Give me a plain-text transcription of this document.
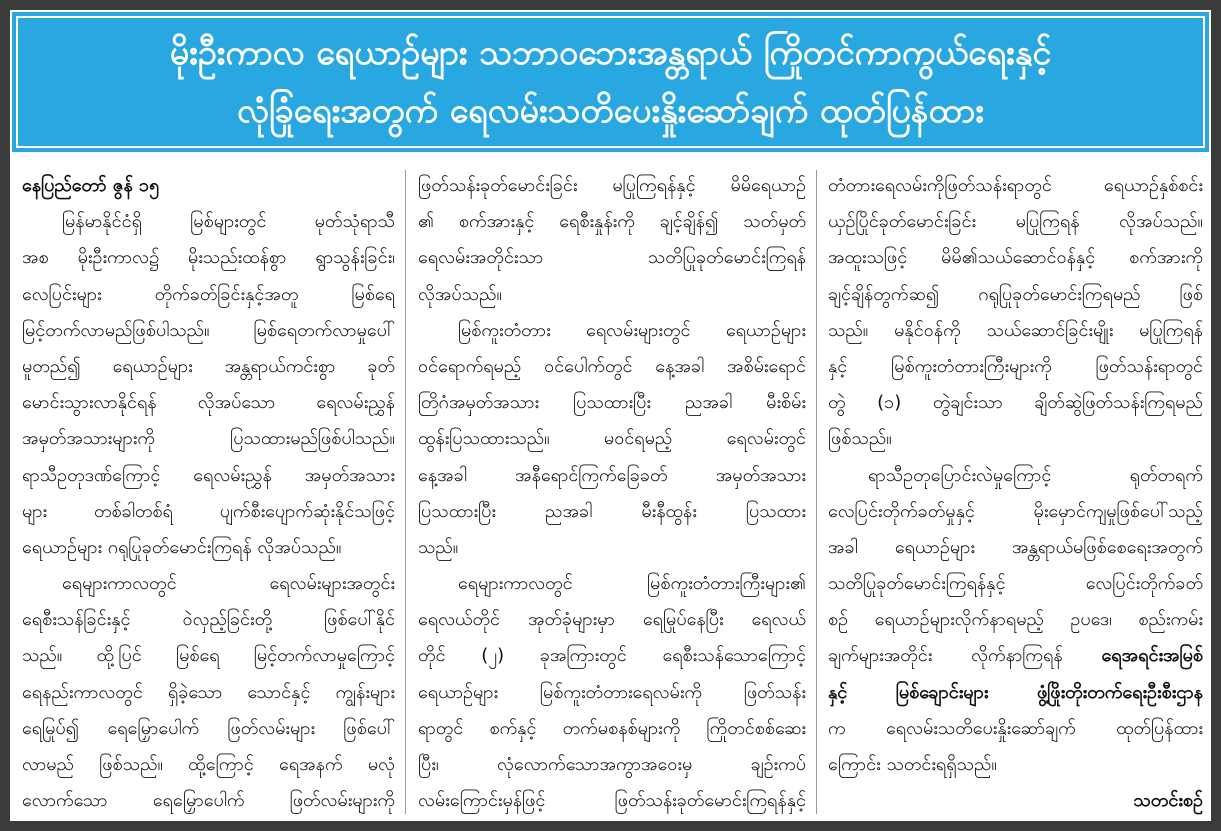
မိုးဦးကာလ ရေယာဉ်များ သဘာဝဘေးအန္တရာယ် ကြိုတင်ကာကွယ်ရေးနှင့်
လုံခြုံရေးအတွက် ရေလမ်းသတိပေးနှိုးဆော်ချက် ထုတ်ပြန်ထား
နေပြည်တော် ဇွန် ၁၅
မြန်မာနိုင်ငံရှိ မြစ်များတွင် မုတ်သုံရာသီ
အစ မိုးဦးကာလ၌ မိုးသည်းထန်စွာ ရွာသွန်းခြင်း၊
လေပြင်းများ တိုက်ခတ်ခြင်းနှင့်အတူ မြစ်ရေ
မြင့်တက်လာမည်ဖြစ်ပါသည်။ မြစ်ရေတက်လာမှုပေါ်
မူတည်၍ ရေယာဉ်များ အန္တရာယ်ကင်းစွာ ခုတ်
မောင်းသွားလာနိုင်ရန် လိုအပ်သော ရေလမ်းညွှန်
အမှတ်အသားများကို ပြသထားမည်ဖြစ်ပါသည်။
ရာသီဥတုဒဏ်ကြောင့် ရေလမ်းညွှန် အမှတ်အသား
များ တစ်ခါတစ်ရံ ပျက်စီးပျောက်ဆုံးနိုင်သဖြင့်
ရေယာဉ်များ ဂရုပြုခုတ်မောင်းကြရန် လိုအပ်သည်။
ရေများကာလတွင် ရေလမ်းများအတွင်း
ရေစီးသန်ခြင်းနှင့် ဝဲလှည့်ခြင်းတို့ ဖြစ်ပေါ်နိုင်
သည်။ ထို့ပြင် မြစ်ရေ မြင့်တက်လာမှုကြောင့်
ရေနည်းကာလတွင် ရှိခဲ့သော သောင်နှင့် ကျွန်းများ
ရေမြုပ်၍ ရေမြှောပေါက် ဖြတ်လမ်းများ ဖြစ်ပေါ်
လာမည် ဖြစ်သည်။ ထို့ကြောင့် ရေအနက် မလုံ
လောက်သော ရေမြှောပေါက် ဖြတ်လမ်းများကို
ဖြတ်သန်းခုတ်မောင်းခြင်း မပြုကြရန်နှင့် မိမိရေယာဉ်
၏ စက်အားနှင့် ရေစီးနှုန်းကို ချင့်ချိန်၍ သတ်မှတ်
ရေလမ်းအတိုင်းသာ သတိပြုခုတ်မောင်းကြရန်
လိုအပ်သည်။
မြစ်ကူးတံတား ရေလမ်းများတွင် ရေယာဉ်များ
ဝင်ရောက်ရမည့် ဝင်ပေါက်တွင် နေ့အခါ အစိမ်းရောင်
တြိဂံအမှတ်အသား ပြသထားပြီး ညအခါ မီးစိမ်း
ထွန်းပြသထားသည်။ မဝင်ရမည့် ရေလမ်းတွင်
နေ့အခါ အနီရောင်ကြက်ခြေခတ် အမှတ်အသား
ပြသထားပြီး ညအခါ မီးနီထွန်း ပြသထား
သည်။
ရေများကာလတွင် မြစ်ကူးတံတားကြီးများ၏
ရေလယ်တိုင် အုတ်ခုံများမှာ ရေမြုပ်နေပြီး ရေလယ်
တိုင် (၂) ခုအကြားတွင် ရေစီးသန်သောကြောင့်
ရေယာဉ်များ မြစ်ကူးတံတားရေလမ်းကို ဖြတ်သန်း
ရာတွင် စက်နှင့် တက်မစနစ်များကို ကြိုတင်စစ်ဆေး
ပြီး၊ လုံလောက်သောအကွာအဝေးမှ ချဉ်းကပ်
လမ်းကြောင်းမှန်ဖြင့် ဖြတ်သန်းခုတ်မောင်းကြရန်နှင့်
တံတားရေလမ်းကိုဖြတ်သန်းရာတွင် ရေယာဉ်နှစ်စင်း
ယှဉ်ပြိုင်ခုတ်မောင်းခြင်း မပြုကြရန် လိုအပ်သည်။
အထူးသဖြင့် မိမိ၏သယ်ဆောင်ဝန်နှင့် စက်အားကို
ချင့်ချိန်တွက်ဆ၍ ဂရုပြုခုတ်မောင်းကြရမည် ဖြစ်
သည်။ မနိုင်ဝန်ကို သယ်ဆောင်ခြင်းမျိုး မပြုကြရန်
နှင့် မြစ်ကူးတံတားကြီးများကို ဖြတ်သန်းရာတွင်
တွဲ (၁) တွဲချင်းသာ ချိတ်ဆွဲဖြတ်သန်းကြရမည်
ဖြစ်သည်။
ရာသီဥတုပြောင်းလဲမှုကြောင့် ရုတ်တရက်
လေပြင်းတိုက်ခတ်မှုနှင့် မိုးမှောင်ကျမှုဖြစ်ပေါ်သည့်
အခါ ရေယာဉ်များ အန္တရာယ်မဖြစ်စေရေးအတွက်
သတိပြုခုတ်မောင်းကြရန်နှင့် လေပြင်းတိုက်ခတ်
စဉ် ရေယာဉ်များလိုက်နာရမည့် ဥပဒေ၊ စည်းကမ်း
ချက်များအတိုင်း လိုက်နာကြရန် ရေအရင်းအမြစ်
နှင့် မြစ်ချောင်းများ ဖွံ့ဖြိုးတိုးတက်ရေးဦးစီးဌာန
က ရေလမ်းသတိပေးနှိုးဆော်ချက် ထုတ်ပြန်ထား
ကြောင်း သတင်းရရှိသည်။
သတင်းစဉ်
